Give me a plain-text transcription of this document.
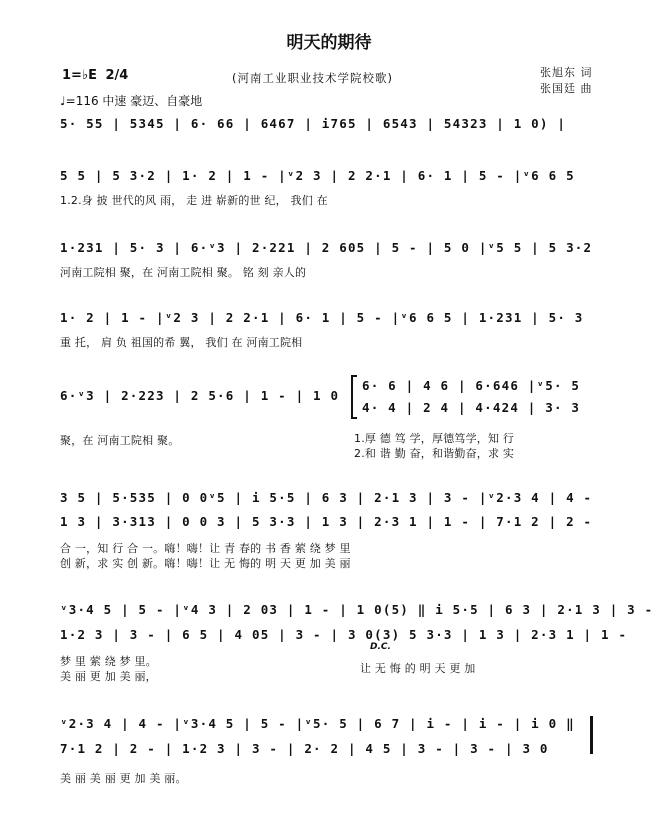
明天的期待
(河南工业职业技术学院校歌)	张旭东 词
张国廷 曲
1=♭E 2/4
♩=116 中速 豪迈、自豪地
5· 55 | 5345 | 6· 66 | 6467 | i765 | 6543 | 54323 | 1 0) |
5 5 | 5 3·2 | 1· 2 | 1 - |ᵛ2 3 | 2 2·1 | 6· 1 | 5 - |ᵛ6 6 5
1.2.身 披 世代的风 雨， 走 进 崭新的世 纪， 我们 在
1·231 | 5· 3 | 6·ᵛ3 | 2·221 | 2 605 | 5 - | 5 0 |ᵛ5 5 | 5 3·2
河南工院相 聚，在 河南工院相 聚。 铭 刻 亲人的
1· 2 | 1 - |ᵛ2 3 | 2 2·1 | 6· 1 | 5 - |ᵛ6 6 5 | 1·231 | 5· 3
重 托， 肩 负 祖国的希 翼， 我们 在 河南工院相
6·ᵛ3 | 2·223 | 2 5·6 | 1 - | 1 0
聚，在 河南工院相 聚。
6· 6 | 4 6 | 6·646 |ᵛ5· 5
4· 4 | 2 4 | 4·424 | 3· 3
1.厚 德 笃 学，厚德笃学，知 行
2.和 谐 勤 奋，和谐勤奋，求 实
3 5 | 5·535 | 0 0ᵛ5 | i 5·5 | 6 3 | 2·1 3 | 3 - |ᵛ2·3 4 | 4 -
1 3 | 3·313 | 0 0 3 | 5 3·3 | 1 3 | 2·3 1 | 1 - | 7·1 2 | 2 -
合 一，知 行 合 一。嗨！嗨！让 青 春的 书 香 萦 绕 梦 里
创 新，求 实 创 新。嗨！嗨！让 无 悔的 明 天 更 加 美 丽
ᵛ3·4 5 | 5 - |ᵛ4 3 | 2 03 | 1 - | 1 0(5) ‖ i 5·5 | 6 3 | 2·1 3 | 3 -
1·2 3 | 3 - | 6 5 | 4 05 | 3 - | 3 0(3) 5 3·3 | 1 3 | 2·3 1 | 1 -
D.C.
梦 里 萦 绕 梦 里。
美 丽 更 加 美 丽，
让 无 悔 的 明 天 更 加
ᵛ2·3 4 | 4 - |ᵛ3·4 5 | 5 - |ᵛ5· 5 | 6 7 | i - | i - | i 0 ‖
7·1 2 | 2 - | 1·2 3 | 3 - | 2· 2 | 4 5 | 3 - | 3 - | 3 0
美 丽 美 丽 更 加 美 丽。
